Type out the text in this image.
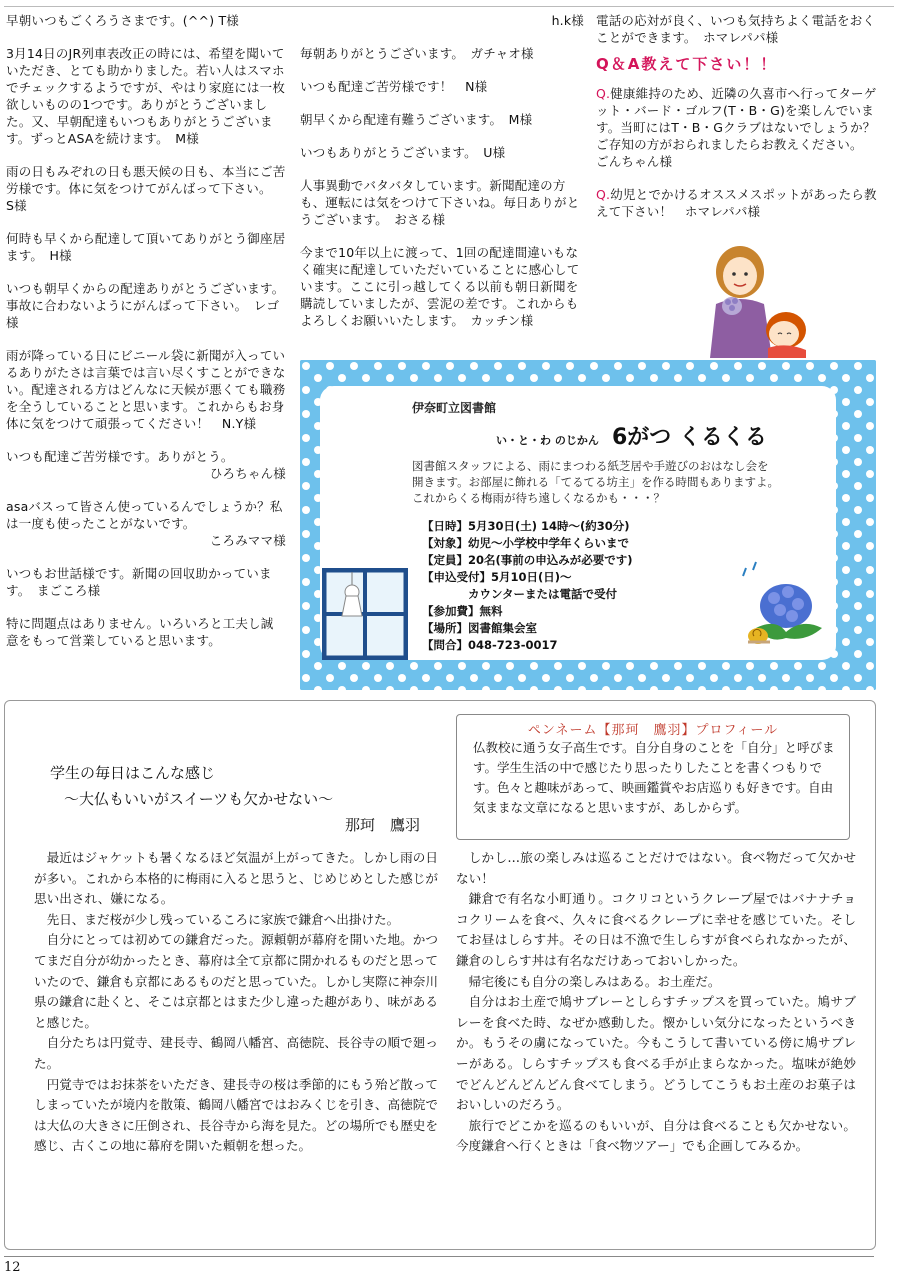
早朝いつもごくろうさまです。(^^) T様
3月14日のJR列車表改正の時には、希望を聞いていただき、とても助かりました。若い人はスマホでチェックするようですが、やはり家庭には一枚欲しいものの1つです。ありがとうございました。又、早朝配達もいつもありがとうございます。ずっとASAを続けます。　M様
雨の日もみぞれの日も悪天候の日も、本当にご苦労様です。体に気をつけてがんばって下さい。　S様
何時も早くから配達して頂いてありがとう御座居ます。　H様
いつも朝早くからの配達ありがとうございます。事故に合わないようにがんばって下さい。　レゴ様
雨が降っている日にビニール袋に新聞が入っているありがたさは言葉では言い尽くすことができない。配達される方はどんなに天候が悪くても職務を全うしていることと思います。これからもお身体に気をつけて頑張ってください！　N.Y様
いつも配達ご苦労様です。ありがとう。
ひろちゃん様
asaバスって皆さん使っているんでしょうか？私は一度も使ったことがないです。
ころみママ様
いつもお世話様です。新聞の回収助かっています。　まごころ様
特に問題点はありません。いろいろと工夫し誠意をもって営業していると思います。
h.k様
毎朝ありがとうございます。　ガチャオ様
いつも配達ご苦労様です！　N様
朝早くから配達有難うございます。　M様
いつもありがとうございます。　U様
人事異動でバタバタしています。新聞配達の方も、運転には気をつけて下さいね。毎日ありがとうございます。　おさる様
今まで10年以上に渡って、1回の配達間違いもなく確実に配達していただいていることに感心しています。ここに引っ越してくる以前も朝日新聞を購読していましたが、雲泥の差です。これからもよろしくお願いいたします。　カッチン様
電話の応対が良く、いつも気持ちよく電話をおくことができます。　ホマレパパ様
Q＆A教えて下さい！！
Q.健康維持のため、近隣の久喜市へ行ってターゲット・バード・ゴルフ(T・B・G)を楽しんでいます。当町にはT・B・Gクラブはないでしょうか？ご存知の方がおられましたらお教えください。　ごんちゃん様
Q.幼児とでかけるオススメスポットがあったら教えて下さい！　ホマレパパ様
伊奈町立図書館
い・と・わ のじかん 6がつ くるくる
図書館スタッフによる、雨にまつわる紙芝居や手遊びのおはなし会を
開きます。お部屋に飾れる「てるてる坊主」を作る時間もありますよ。
これからくる梅雨が待ち遠しくなるかも・・・？
【日時】5月30日(土) 14時～(約30分)
【対象】幼児～小学校中学年くらいまで
【定員】20名(事前の申込みが必要です)
【申込受付】5月10日(日)～
　　　　カウンターまたは電話で受付
【参加費】無料
【場所】図書館集会室
【問合】048-723-0017
学生の毎日はこんな感じ
～大仏もいいがスイーツも欠かせない～
那珂　鷹羽
ペンネーム【那珂　鷹羽】プロフィール
仏教校に通う女子高生です。自分自身のことを「自分」と呼びます。学生生活の中で感じたり思ったりしたことを書くつもりです。色々と趣味があって、映画鑑賞やお店巡りも好きです。自由気ままな文章になると思いますが、あしからず。

最近はジャケットも暑くなるほど気温が上がってきた。しかし雨の日が多い。これから本格的に梅雨に入ると思うと、じめじめとした感じが思い出され、嫌になる。

先日、まだ桜が少し残っているころに家族で鎌倉へ出掛けた。

自分にとっては初めての鎌倉だった。源頼朝が幕府を開いた地。かつてまだ自分が幼かったとき、幕府は全て京都に開かれるものだと思っていたので、鎌倉も京都にあるものだと思っていた。しかし実際に神奈川県の鎌倉に赴くと、そこは京都とはまた少し違った趣があり、味があると感じた。

自分たちは円覚寺、建長寺、鶴岡八幡宮、高徳院、長谷寺の順で廻った。

円覚寺ではお抹茶をいただき、建長寺の桜は季節的にもう殆ど散ってしまっていたが境内を散策、鶴岡八幡宮ではおみくじを引き、高徳院では大仏の大きさに圧倒され、長谷寺から海を見た。どの場所でも歴史を感じ、古くこの地に幕府を開いた頼朝を想った。

しかし…旅の楽しみは巡ることだけではない。食べ物だって欠かせない！

鎌倉で有名な小町通り。コクリコというクレープ屋ではバナナチョコクリームを食べ、久々に食べるクレープに幸せを感じていた。そしてお昼はしらす丼。その日は不漁で生しらすが食べられなかったが、鎌倉のしらす丼は有名なだけあっておいしかった。

帰宅後にも自分の楽しみはある。お土産だ。

自分はお土産で鳩サブレーとしらすチップスを買っていた。鳩サブレーを食べた時、なぜか感動した。懐かしい気分になったというべきか。もうその虜になっていた。今もこうして書いている傍に鳩サブレーがある。しらすチップスも食べる手が止まらなかった。塩味が絶妙でどんどんどんどん食べてしまう。どうしてこうもお土産のお菓子はおいしいのだろう。

旅行でどこかを巡るのもいいが、自分は食べることも欠かせない。今度鎌倉へ行くときは「食べ物ツアー」でも企画してみるか。

12
